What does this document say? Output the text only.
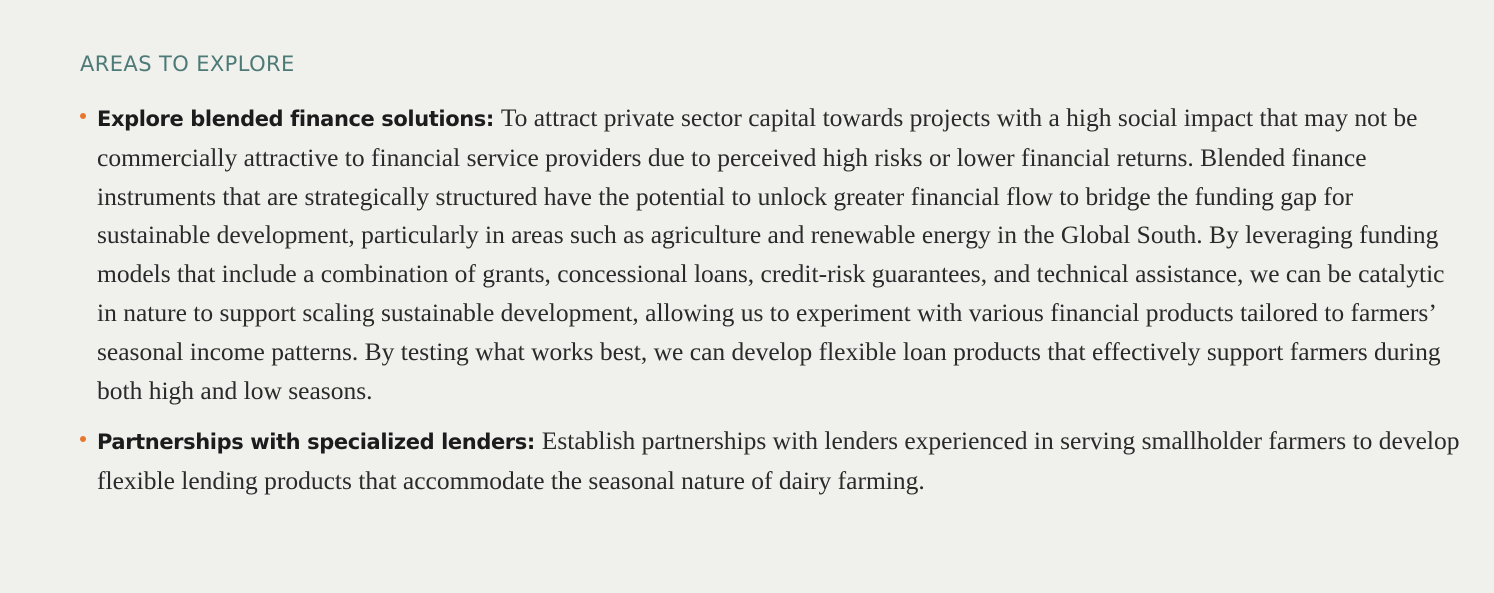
AREAS TO EXPLORE
Explore blended finance solutions: To attract private sector capital towards projects with a high social impact that may not be commercially attractive to financial service providers due to perceived high risks or lower financial returns. Blended finance instruments that are strategically structured have the potential to unlock greater financial flow to bridge the funding gap for sustainable development, particularly in areas such as agriculture and renewable energy in the Global South. By leveraging funding models that include a combination of grants, concessional loans, credit-risk guarantees, and technical assistance, we can be catalytic in nature to support scaling sustainable development, allowing us to experiment with various financial products tailored to farmers’ seasonal income patterns. By testing what works best, we can develop flexible loan products that effectively support farmers during both high and low seasons.
Partnerships with specialized lenders: Establish partnerships with lenders experienced in serving smallholder farmers to develop flexible lending products that accommodate the seasonal nature of dairy farming.
